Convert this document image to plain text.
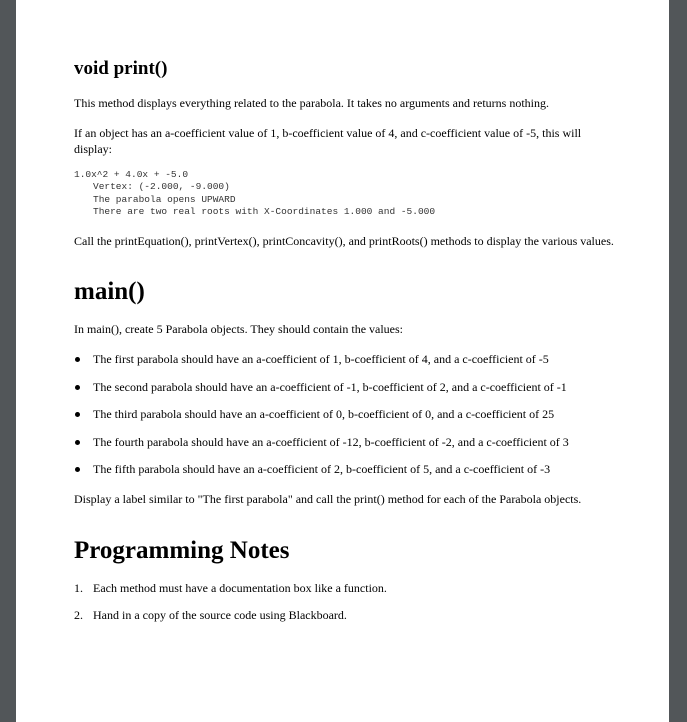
void print()

This method displays everything related to the parabola. It takes no arguments and returns nothing.

If an object has an a-coefficient value of 1, b-coefficient value of 4, and c-coefficient value of -5, this will display:

1.0x^2 + 4.0x + -5.0
Vertex: (-2.000, -9.000)
The parabola opens UPWARD
There are two real roots with X-Coordinates 1.000 and -5.000

Call the printEquation(), printVertex(), printConcavity(), and printRoots() methods to display the various values.

main()

In main(), create 5 Parabola objects. They should contain the values:

The first parabola should have an a-coefficient of 1, b-coefficient of 4, and a c-coefficient of -5
The second parabola should have an a-coefficient of -1, b-coefficient of 2, and a c-coefficient of -1
The third parabola should have an a-coefficient of 0, b-coefficient of 0, and a c-coefficient of 25
The fourth parabola should have an a-coefficient of -12, b-coefficient of -2, and a c-coefficient of 3
The fifth parabola should have an a-coefficient of 2, b-coefficient of 5, and a c-coefficient of -3

Display a label similar to "The first parabola" and call the print() method for each of the Parabola objects.

Programming Notes
1. Each method must have a documentation box like a function.
2. Hand in a copy of the source code using Blackboard.
